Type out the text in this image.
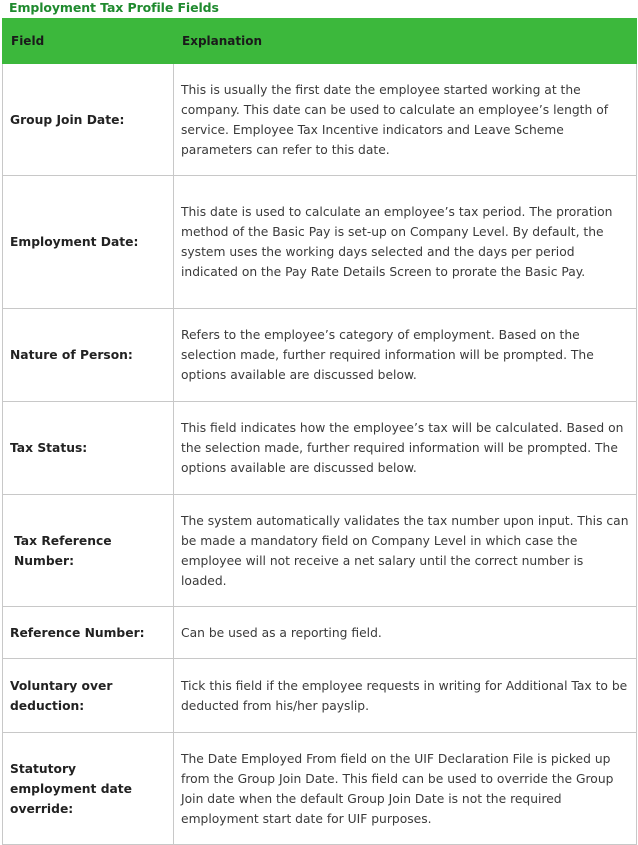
Employment Tax Profile Fields
Field	Explanation
Group Join Date:	This is usually the first date the employee started working at the company. This date can be used to calculate an employee’s length of service. Employee Tax Incentive indicators and Leave Scheme parameters can refer to this date.
Employment Date:	This date is used to calculate an employee’s tax period. The proration method of the Basic Pay is set-up on Company Level. By default, the system uses the working days selected and the days per period indicated on the Pay Rate Details Screen to prorate the Basic Pay.
Nature of Person:	Refers to the employee’s category of employment. Based on the selection made, further required information will be prompted. The options available are discussed below.
Tax Status:	This field indicates how the employee’s tax will be calculated. Based on the selection made, further required information will be prompted. The options available are discussed below.
Tax Reference Number:	The system automatically validates the tax number upon input. This can be made a mandatory field on Company Level in which case the employee will not receive a net salary until the correct number is loaded.
Reference Number:	Can be used as a reporting field.
Voluntary over deduction:	Tick this field if the employee requests in writing for Additional Tax to be deducted from his/her payslip.
Statutory employment date override:	The Date Employed From field on the UIF Declaration File is picked up from the Group Join Date. This field can be used to override the Group Join date when the default Group Join Date is not the required employment start date for UIF purposes.
